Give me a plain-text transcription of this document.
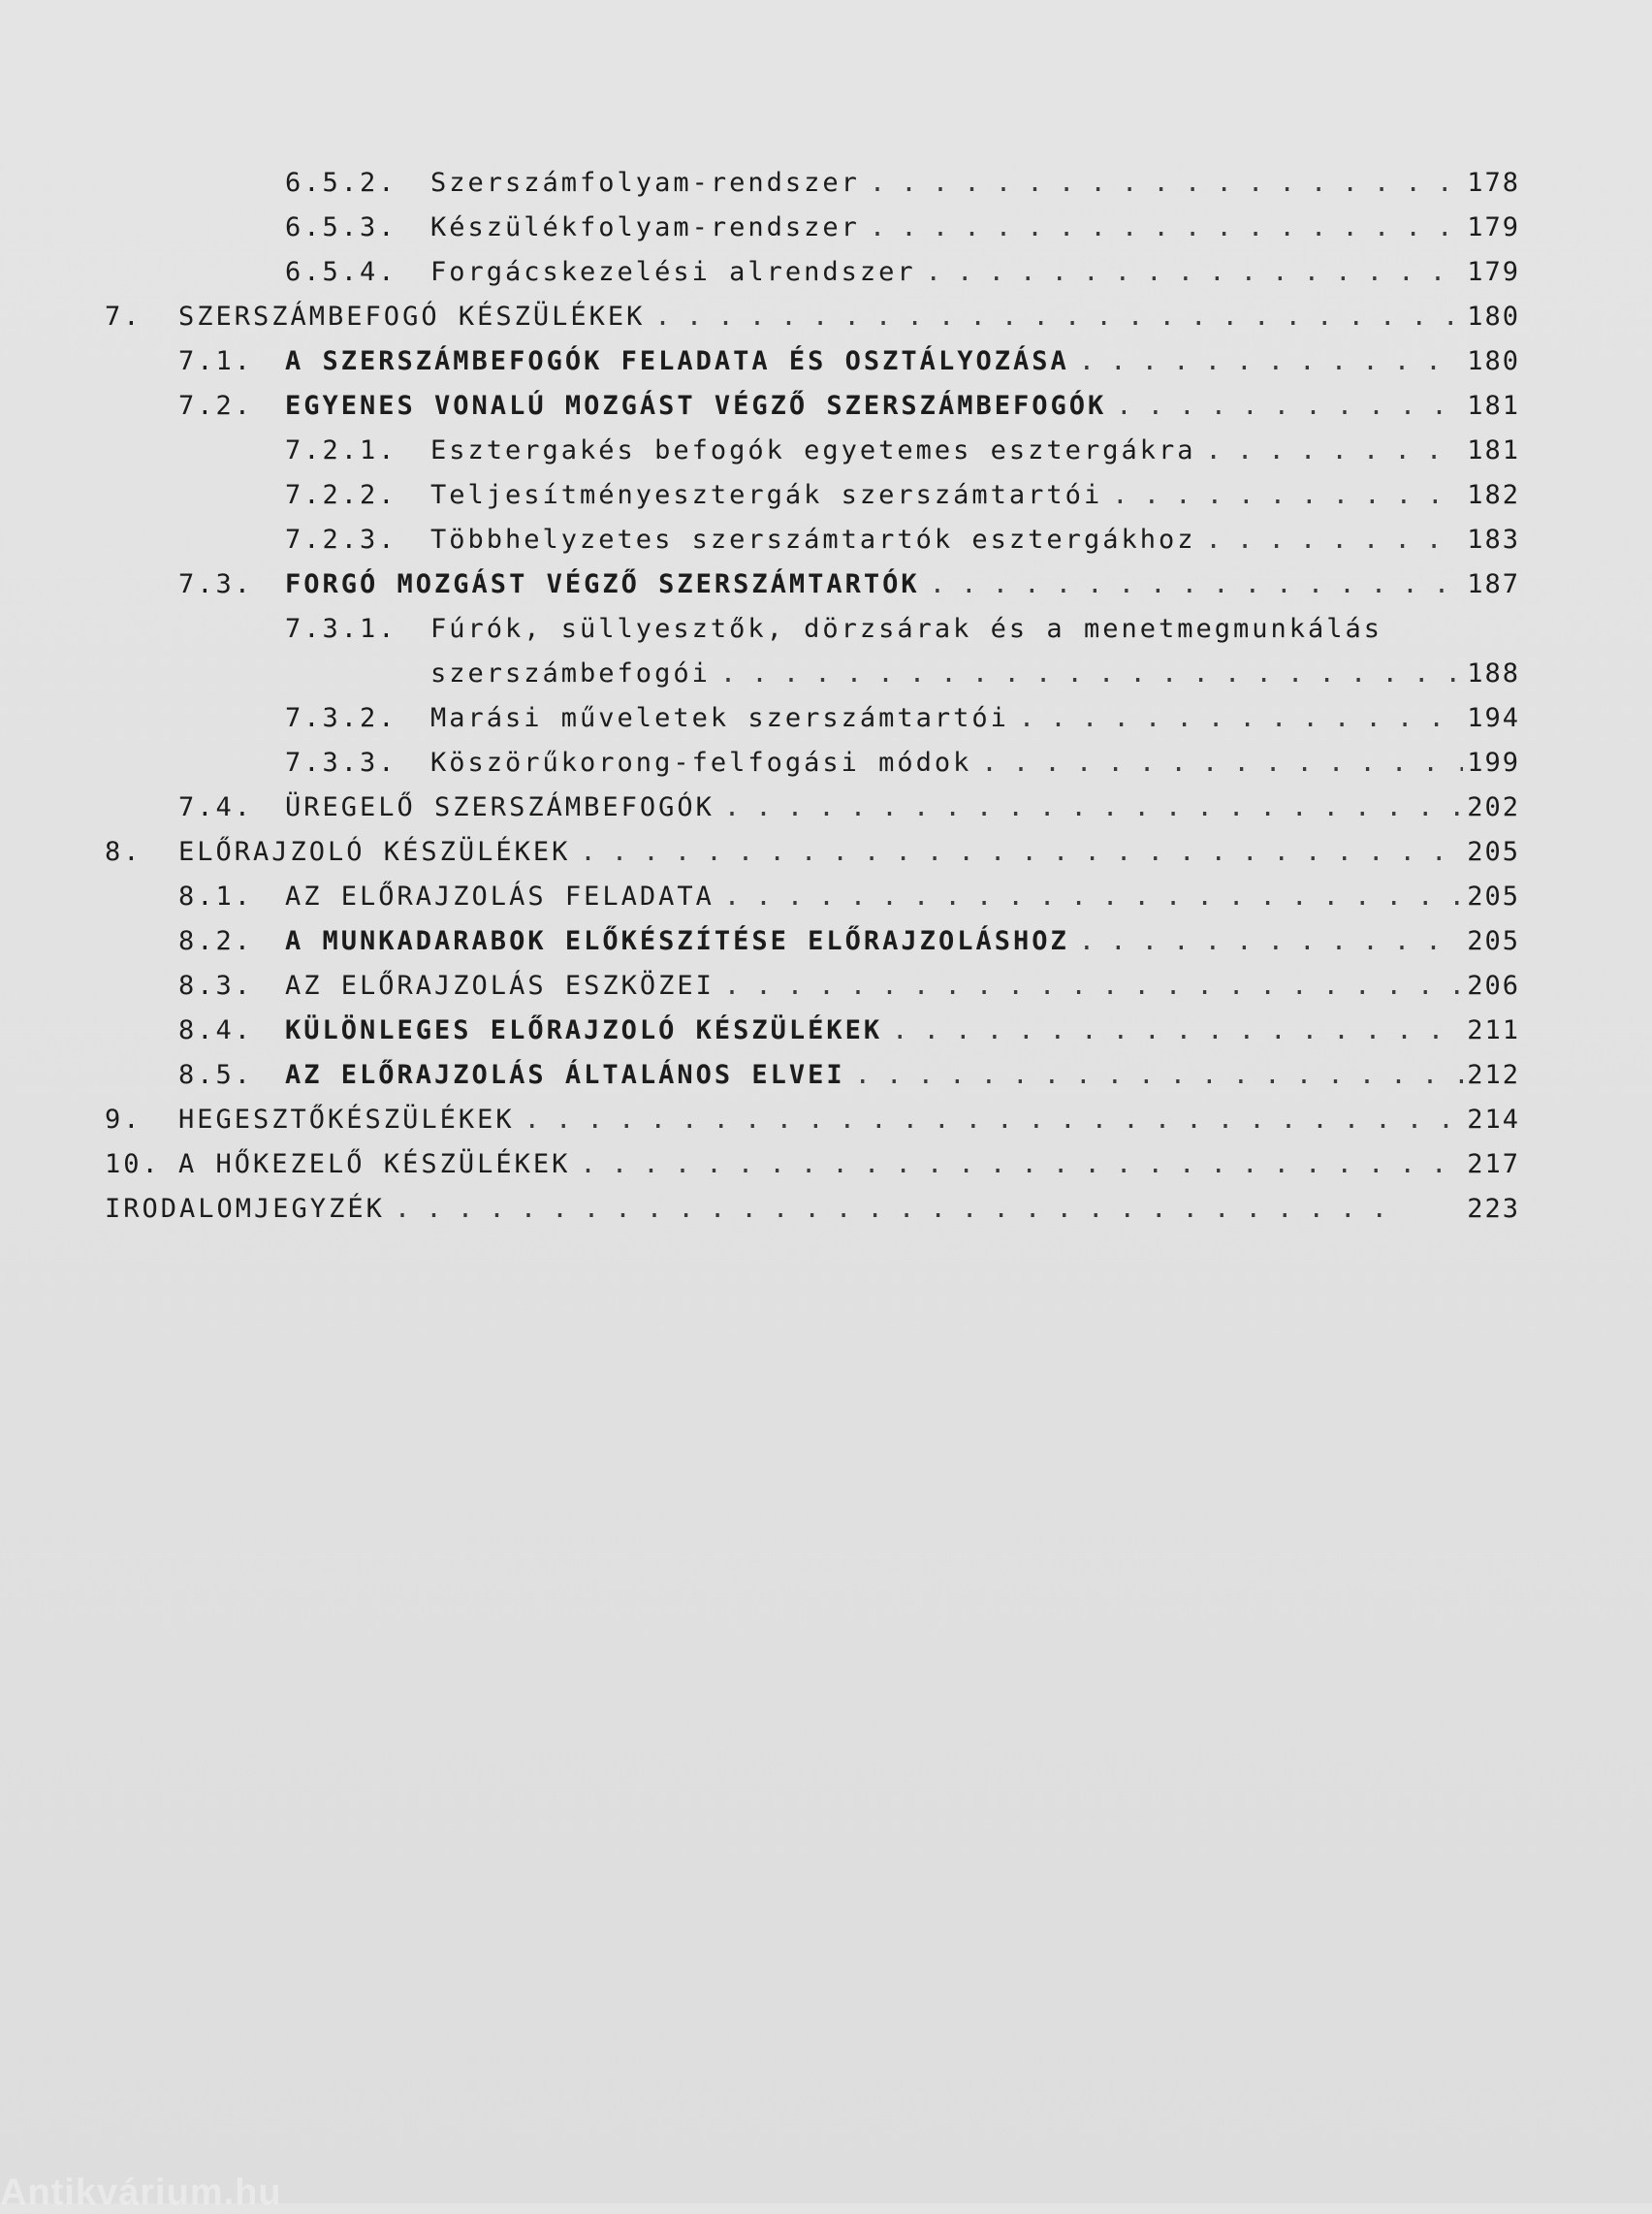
6.5.2. Szerszámfolyam-rendszer . . .	178
6.5.3. Készülékfolyam-rendszer . . .	179
6.5.4. Forgácskezelési alrendszer . . .	179
7. SZERSZÁMBEFOGÓ KÉSZÜLÉKEK . . .	180
7.1. A SZERSZÁMBEFOGÓK FELADATA ÉS OSZTÁLYOZÁSA . . .	180
7.2. EGYENES VONALÚ MOZGÁST VÉGZŐ SZERSZÁMBEFOGÓK . . .	181
7.2.1. Esztergakés befogók egyetemes esztergákra . . .	181
7.2.2. Teljesítményesztergák szerszámtartói . . .	182
7.2.3. Többhelyzetes szerszámtartók esztergákhoz . . .	183
7.3. FORGÓ MOZGÁST VÉGZŐ SZERSZÁMTARTÓK . . .	187
7.3.1. Fúrók, süllyesztők, dörzsárak és a menetmegmunkálás
szerszámbefogói . . .	188
7.3.2. Marási műveletek szerszámtartói . . .	194
7.3.3. Köszörűkorong-felfogási módok . . .	199
7.4. ÜREGELŐ SZERSZÁMBEFOGÓK . . .	202
8. ELŐRAJZOLÓ KÉSZÜLÉKEK . . .	205
8.1. AZ ELŐRAJZOLÁS FELADATA . . .	205
8.2. A MUNKADARABOK ELŐKÉSZÍTÉSE ELŐRAJZOLÁSHOZ . . .	205
8.3. AZ ELŐRAJZOLÁS ESZKÖZEI . . .	206
8.4. KÜLÖNLEGES ELŐRAJZOLÓ KÉSZÜLÉKEK . . .	211
8.5. AZ ELŐRAJZOLÁS ÁLTALÁNOS ELVEI . . .	212
9. HEGESZTŐKÉSZÜLÉKEK . . .	214
10. A HŐKEZELŐ KÉSZÜLÉKEK . . .	217
IRODALOMJEGYZÉK . . .	223
Antikvárium.hu
